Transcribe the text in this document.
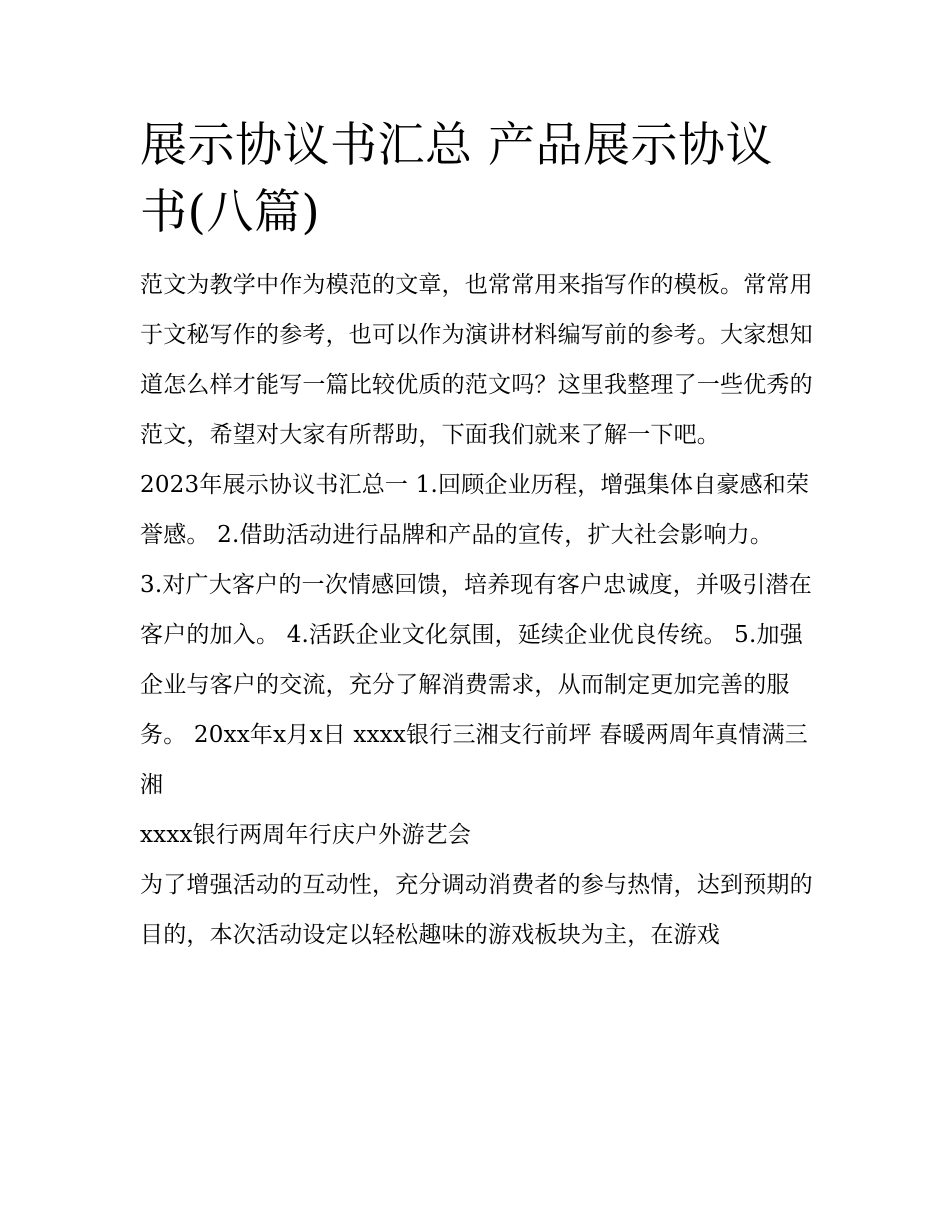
展示协议书汇总 产品展示协议书(八篇)

范文为教学中作为模范的文章，也常常用来指写作的模板。常常用于文秘写作的参考，也可以作为演讲材料编写前的参考。大家想知道怎么样才能写一篇比较优质的范文吗？这里我整理了一些优秀的范文，希望对大家有所帮助，下面我们就来了解一下吧。

2023年展示协议书汇总一 1.回顾企业历程，增强集体自豪感和荣誉感。 2.借助活动进行品牌和产品的宣传，扩大社会影响力。

3.对广大客户的一次情感回馈，培养现有客户忠诚度，并吸引潜在客户的加入。 4.活跃企业文化氛围，延续企业优良传统。 5.加强企业与客户的交流，充分了解消费需求，从而制定更加完善的服务。 20xx年x月x日 xxxx银行三湘支行前坪 春暖两周年真情满三湘

xxxx银行两周年行庆户外游艺会

为了增强活动的互动性，充分调动消费者的参与热情，达到预期的目的，本次活动设定以轻松趣味的游戏板块为主，在游戏
